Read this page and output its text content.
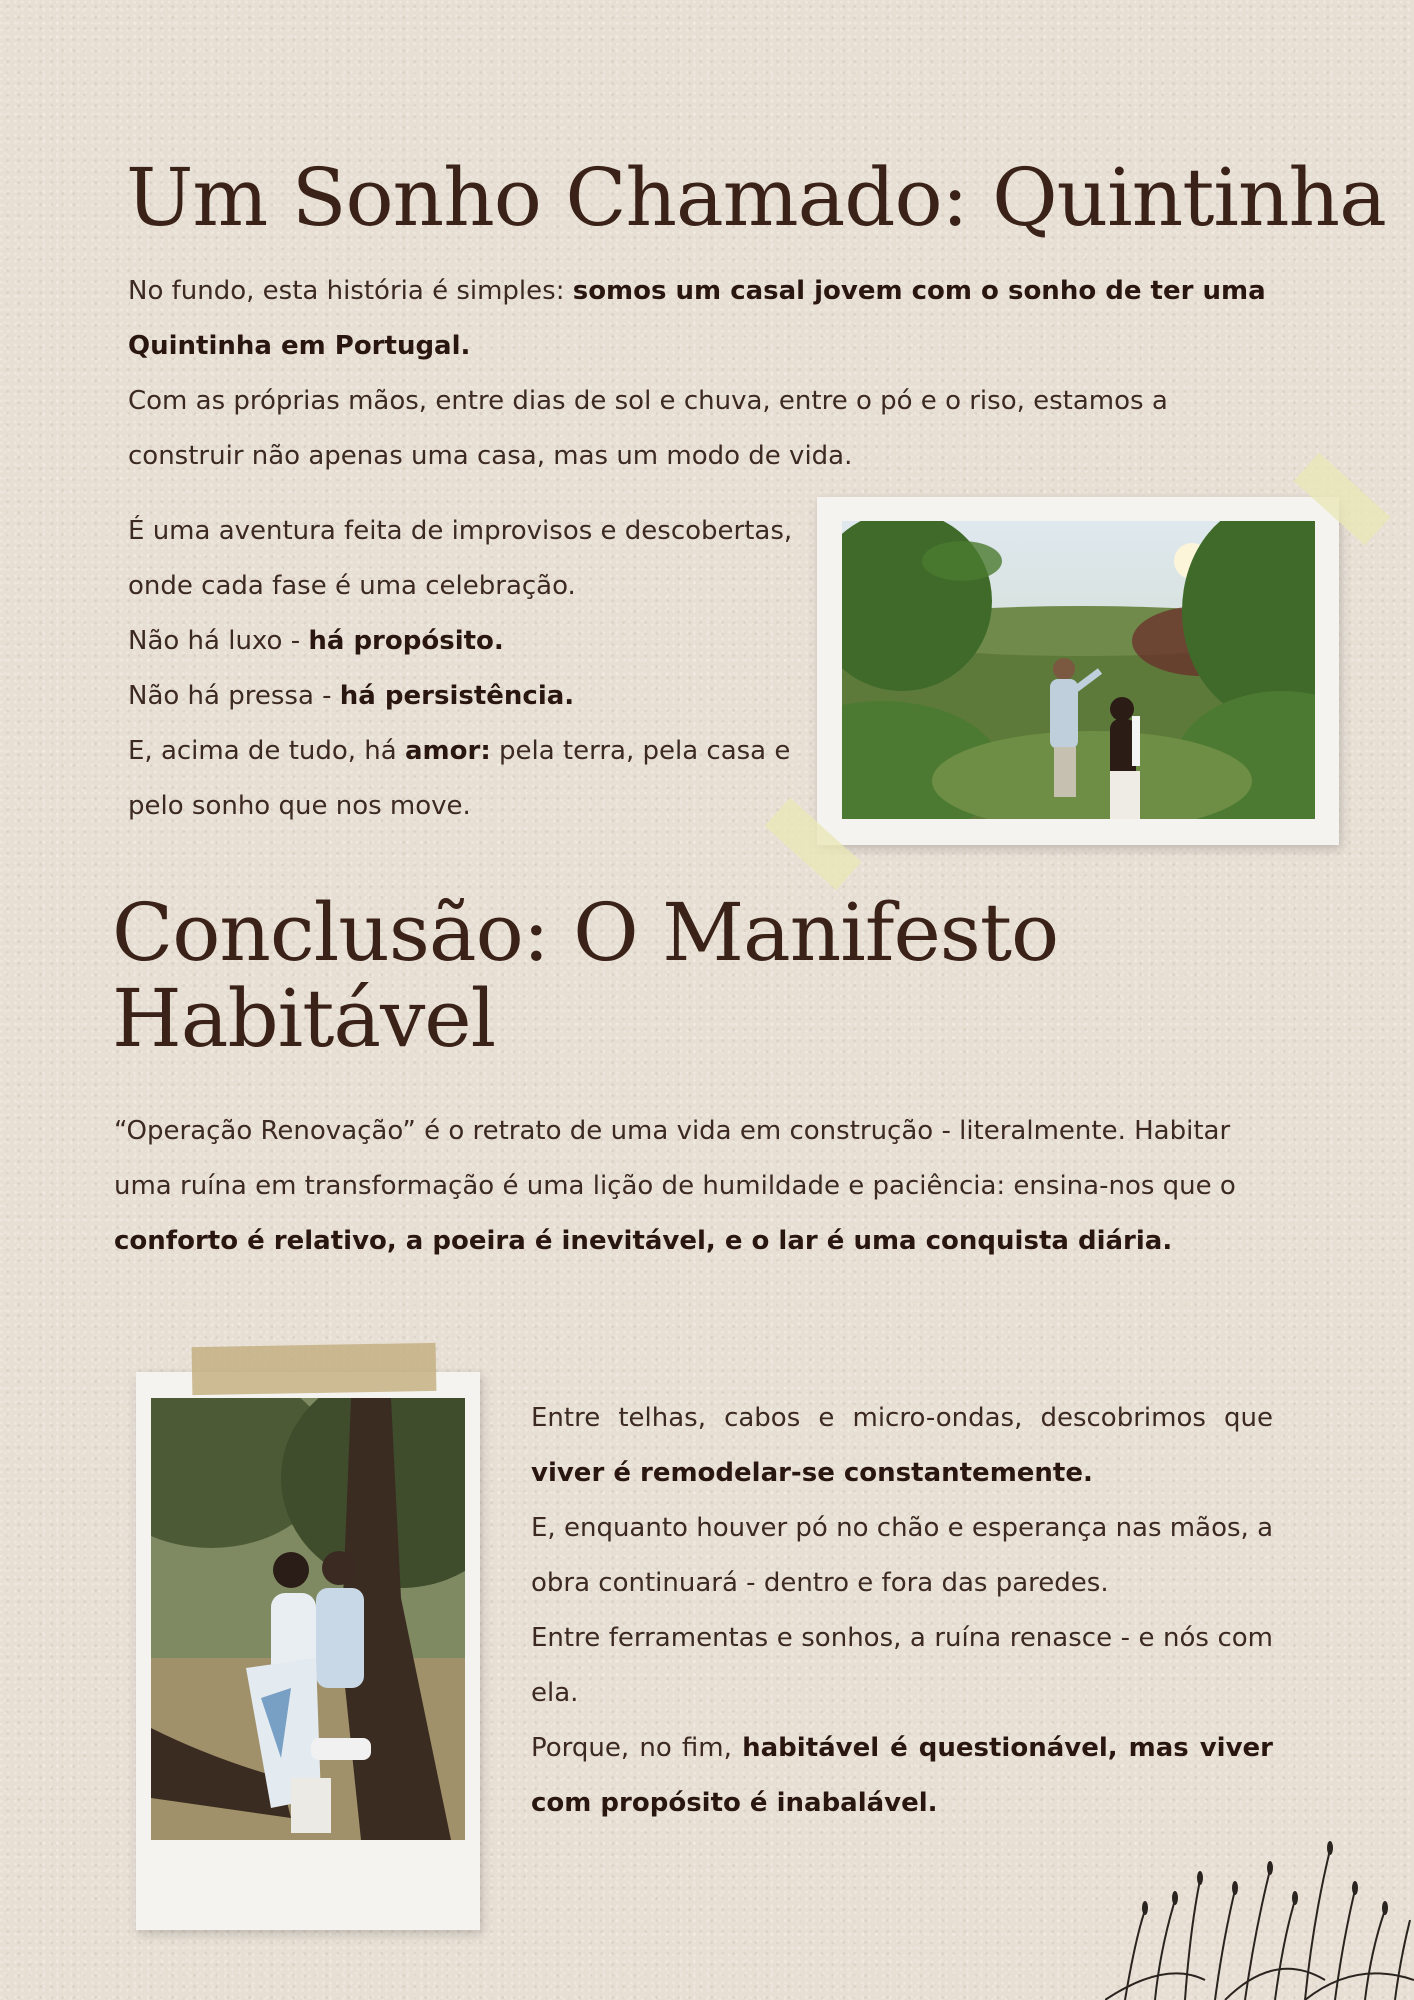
Um Sonho Chamado: Quintinha

No fundo, esta história é simples: somos um casal jovem com o sonho de ter uma Quintinha em Portugal.

Com as próprias mãos, entre dias de sol e chuva, entre o pó e o riso, estamos a construir não apenas uma casa, mas um modo de vida.

É uma aventura feita de improvisos e descobertas, onde cada fase é uma celebração.

Não há luxo - há propósito.

Não há pressa - há persistência.

E, acima de tudo, há amor: pela terra, pela casa e pelo sonho que nos move.

Conclusão: O Manifesto
Habitável

“Operação Renovação” é o retrato de uma vida em construção - literalmente. Habitar uma ruína em transformação é uma lição de humildade e paciência: ensina-nos que o conforto é relativo, a poeira é inevitável, e o lar é uma conquista diária.

Entre telhas, cabos e micro-ondas, descobrimos que viver é remodelar-se constantemente.

E, enquanto houver pó no chão e esperança nas mãos, a obra continuará - dentro e fora das paredes.

Entre ferramentas e sonhos, a ruína renasce - e nós com ela.

Porque, no fim, habitável é questionável, mas viver com propósito é inabalável.
